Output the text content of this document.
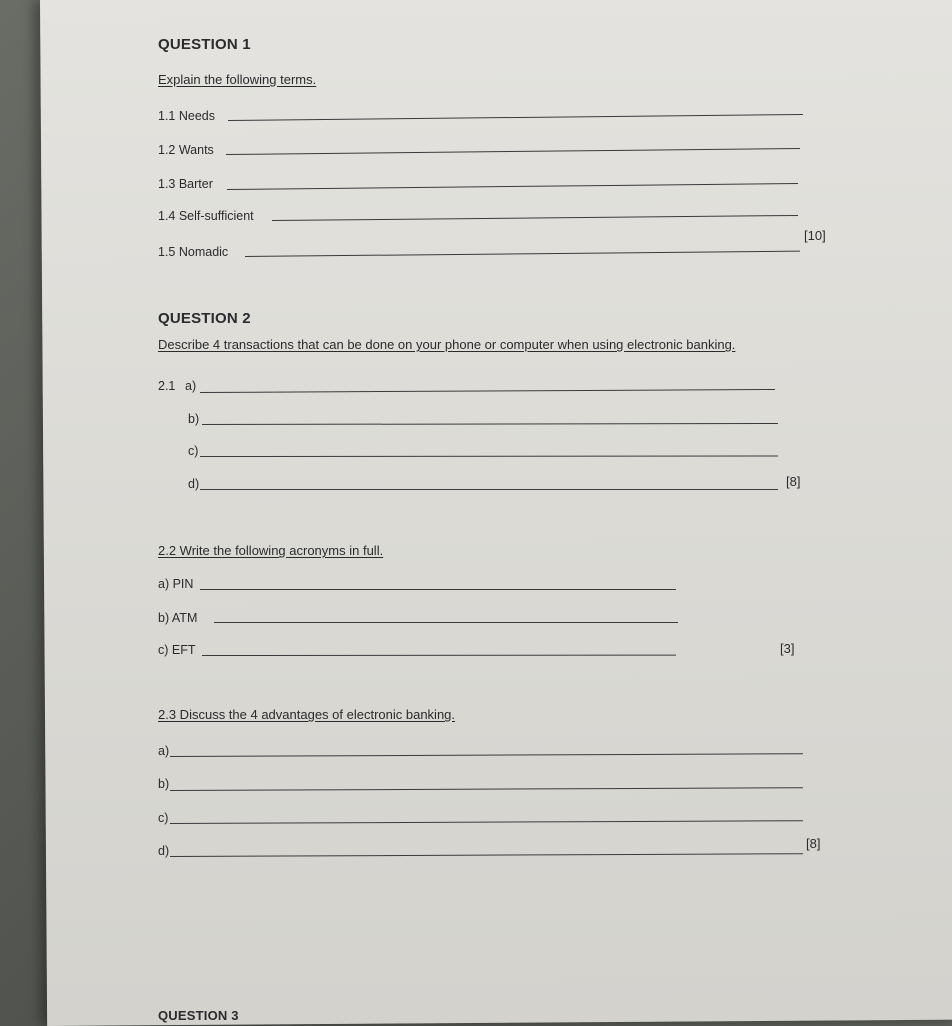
QUESTION 1
Explain the following terms.
1.1 Needs
1.2 Wants
1.3 Barter
1.4 Self-sufficient
1.5 Nomadic
[10]
QUESTION 2
Describe 4 transactions that can be done on your phone or computer when using electronic banking.
2.1 a)
b)
c)
d)	[8]
2.2 Write the following acronyms in full.
a) PIN
b) ATM
c) EFT	[3]
2.3 Discuss the 4 advantages of electronic banking.
a)
b)
c)
d)	[8]
QUESTION 3
